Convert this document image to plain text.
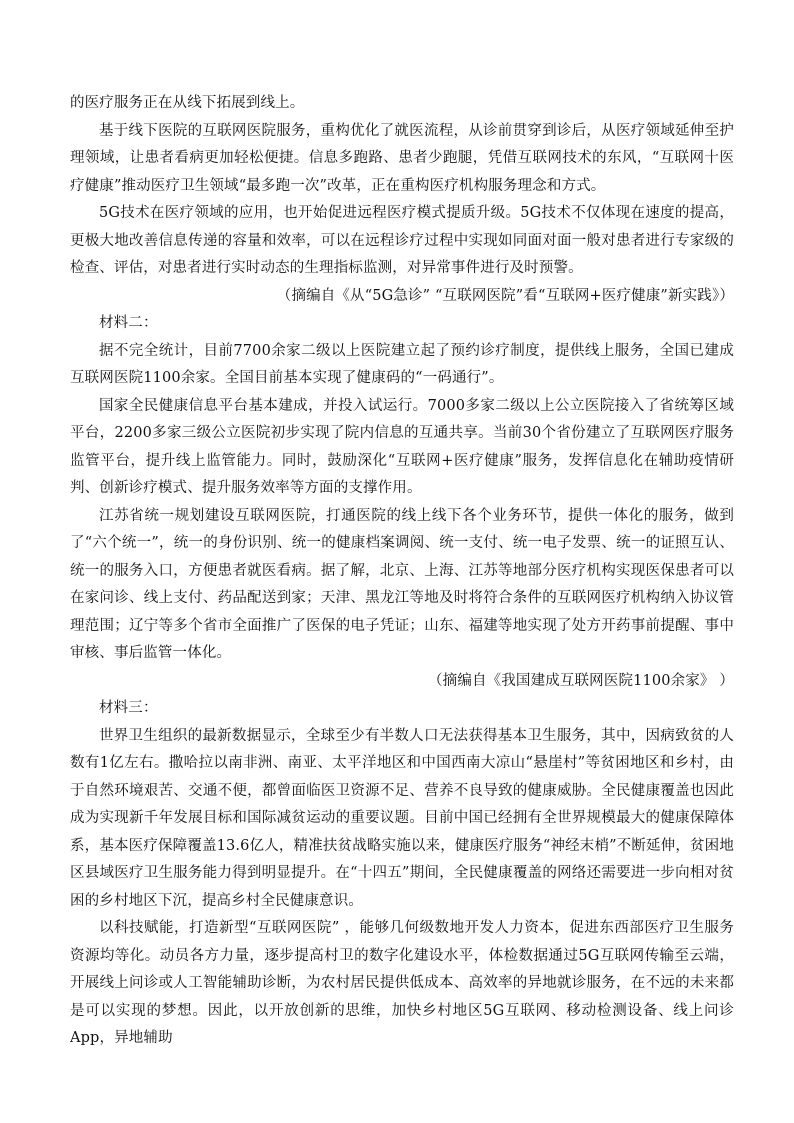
的医疗服务正在从线下拓展到线上。

基于线下医院的互联网医院服务，重构优化了就医流程，从诊前贯穿到诊后，从医疗领域延伸至护理领域，让患者看病更加轻松便捷。信息多跑路、患者少跑腿，凭借互联网技术的东风，“互联网十医疗健康”推动医疗卫生领域“最多跑一次”改革，正在重构医疗机构服务理念和方式。

5G技术在医疗领域的应用，也开始促进远程医疗模式提质升级。5G技术不仅体现在速度的提高，更极大地改善信息传递的容量和效率，可以在远程诊疗过程中实现如同面对面一般对患者进行专家级的检查、评估，对患者进行实时动态的生理指标监测，对异常事件进行及时预警。

（摘编自《从“5G急诊” “互联网医院”看“互联网+医疗健康”新实践》）

材料二：

据不完全统计，目前7700余家二级以上医院建立起了预约诊疗制度，提供线上服务，全国已建成互联网医院1100余家。全国目前基本实现了健康码的“一码通行”。

国家全民健康信息平台基本建成，并投入试运行。7000多家二级以上公立医院接入了省统筹区域平台，2200多家三级公立医院初步实现了院内信息的互通共享。当前30个省份建立了互联网医疗服务监管平台，提升线上监管能力。同时，鼓励深化“互联网+医疗健康”服务，发挥信息化在辅助疫情研判、创新诊疗模式、提升服务效率等方面的支撑作用。

江苏省统一规划建设互联网医院，打通医院的线上线下各个业务环节，提供一体化的服务，做到了“六个统一”，统一的身份识别、统一的健康档案调阅、统一支付、统一电子发票、统一的证照互认、统一的服务入口，方便患者就医看病。据了解，北京、上海、江苏等地部分医疗机构实现医保患者可以在家问诊、线上支付、药品配送到家；天津、黑龙江等地及时将符合条件的互联网医疗机构纳入协议管理范围；辽宁等多个省市全面推广了医保的电子凭证；山东、福建等地实现了处方开药事前提醒、事中审核、事后监管一体化。

（摘编自《我国建成互联网医院1100余家》 ）

材料三：

世界卫生组织的最新数据显示，全球至少有半数人口无法获得基本卫生服务，其中，因病致贫的人数有1亿左右。撒哈拉以南非洲、南亚、太平洋地区和中国西南大凉山“悬崖村”等贫困地区和乡村，由于自然环境艰苦、交通不便，都曾面临医卫资源不足、营养不良导致的健康威胁。全民健康覆盖也因此成为实现新千年发展目标和国际减贫运动的重要议题。目前中国已经拥有全世界规模最大的健康保障体系，基本医疗保障覆盖13.6亿人，精准扶贫战略实施以来，健康医疗服务“神经末梢”不断延伸，贫困地区县域医疗卫生服务能力得到明显提升。在“十四五”期间，全民健康覆盖的网络还需要进一步向相对贫困的乡村地区下沉，提高乡村全民健康意识。

以科技赋能，打造新型“互联网医院” ，能够几何级数地开发人力资本，促进东西部医疗卫生服务资源均等化。动员各方力量，逐步提高村卫的数字化建设水平，体检数据通过5G互联网传输至云端，开展线上问诊或人工智能辅助诊断，为农村居民提供低成本、高效率的异地就诊服务，在不远的未来都是可以实现的梦想。因此，以开放创新的思维，加快乡村地区5G互联网、移动检测设备、线上问诊App，异地辅助
